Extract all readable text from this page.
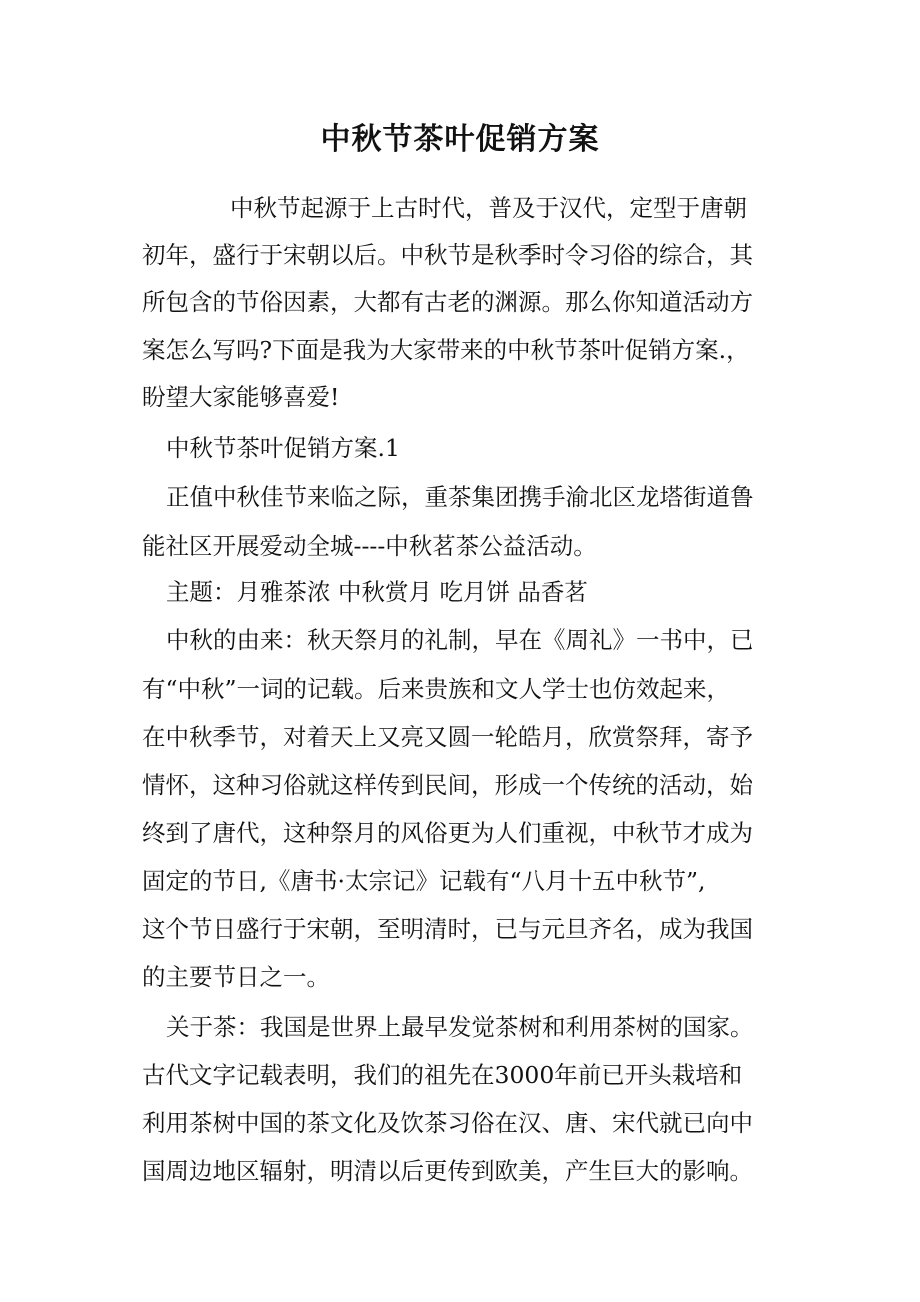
中秋节茶叶促销方案
中秋节起源于上古时代，普及于汉代，定型于唐朝
初年，盛行于宋朝以后。中秋节是秋季时令习俗的综合，其
所包含的节俗因素，大都有古老的渊源。那么你知道活动方
案怎么写吗?下面是我为大家带来的中秋节茶叶促销方案.，
盼望大家能够喜爱!
中秋节茶叶促销方案.1
正值中秋佳节来临之际，重茶集团携手渝北区龙塔街道鲁
能社区开展爱动全城----中秋茗茶公益活动。
主题：月雅茶浓 中秋赏月 吃月饼 品香茗
中秋的由来：秋天祭月的礼制，早在《周礼》一书中，已
有“中秋”一词的记载。后来贵族和文人学士也仿效起来，
在中秋季节，对着天上又亮又圆一轮皓月，欣赏祭拜，寄予
情怀，这种习俗就这样传到民间，形成一个传统的活动，始
终到了唐代，这种祭月的风俗更为人们重视，中秋节才成为
固定的节日,《唐书·太宗记》记载有“八月十五中秋节”,
这个节日盛行于宋朝，至明清时，已与元旦齐名，成为我国
的主要节日之一。
关于茶：我国是世界上最早发觉茶树和利用茶树的国家。
古代文字记载表明，我们的祖先在3000年前已开头栽培和
利用茶树中国的茶文化及饮茶习俗在汉、唐、宋代就已向中
国周边地区辐射，明清以后更传到欧美，产生巨大的影响。
